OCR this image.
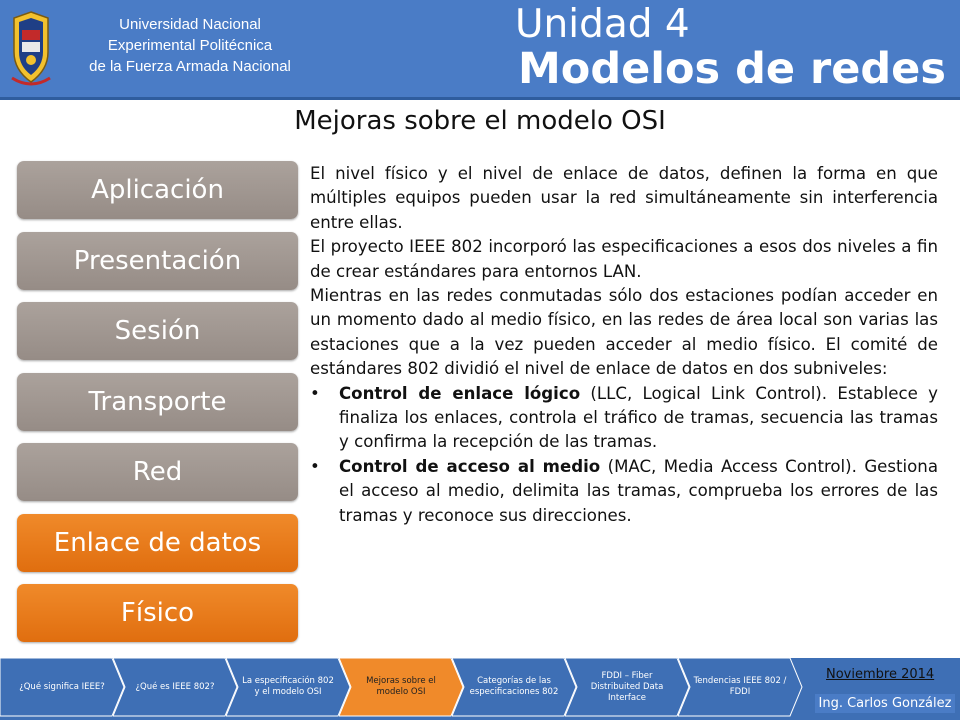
Universidad Nacional
Experimental Politécnica
de la Fuerza Armada Nacional
Unidad 4
Modelos de redes
Mejoras sobre el modelo OSI
Aplicación
Presentación
Sesión
Transporte
Red
Enlace de datos
Físico

El nivel físico y el nivel de enlace de datos, definen la forma en que múltiples equipos pueden usar la red simultáneamente sin interferencia entre ellas.

El proyecto IEEE 802 incorporó las especificaciones a esos dos niveles a fin de crear estándares para entornos LAN.

Mientras en las redes conmutadas sólo dos estaciones podían acceder en un momento dado al medio físico, en las redes de área local son varias las estaciones que a la vez pueden acceder al medio físico. El comité de estándares 802 dividió el nivel de enlace de datos en dos subniveles:

• Control de enlace lógico (LLC, Logical Link Control). Establece y finaliza los enlaces, controla el tráfico de tramas, secuencia las tramas y confirma la recepción de las tramas.
• Control de acceso al medio (MAC, Media Access Control). Gestiona el acceso al medio, delimita las tramas, comprueba los errores de las tramas y reconoce sus direcciones.
¿Qué significa IEEE?	¿Qué es IEEE 802?
La especificación 802 y el modelo OSI
Mejoras sobre el modelo OSI
Categorías de las especificaciones 802
FDDI – Fiber Distribuited Data Interface
Tendencias IEEE 802 / FDDI
Noviembre 2014
Ing. Carlos González
